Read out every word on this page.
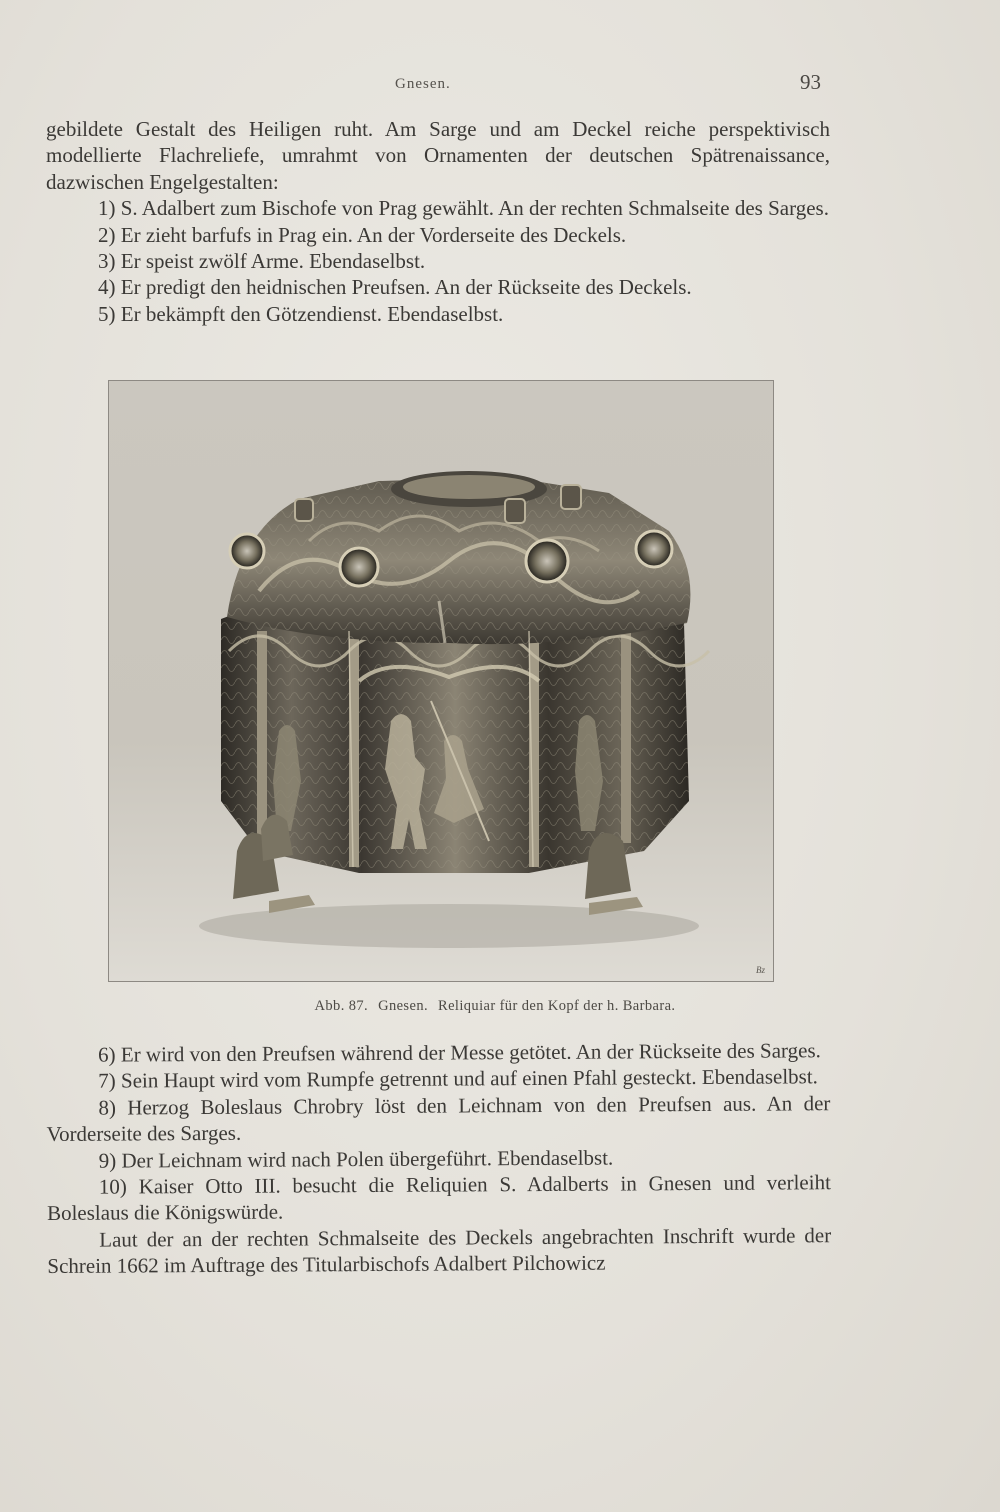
Gnesen.	93

gebildete Gestalt des Heiligen ruht. Am Sarge und am Deckel reiche perspektivisch modellierte Flachreliefe, umrahmt von Ornamenten der deutschen Spätrenaissance, dazwischen Engelgestalten:

1) S. Adalbert zum Bischofe von Prag gewählt. An der rechten Schmalseite des Sarges.

2) Er zieht barfufs in Prag ein. An der Vorderseite des Deckels.

3) Er speist zwölf Arme. Ebendaselbst.

4) Er predigt den heidnischen Preufsen. An der Rückseite des Deckels.

5) Er bekämpft den Götzendienst. Ebendaselbst.

Bz
Abb. 87. Gnesen. Reliquiar für den Kopf der h. Barbara.

6) Er wird von den Preufsen während der Messe getötet. An der Rückseite des Sarges.

7) Sein Haupt wird vom Rumpfe getrennt und auf einen Pfahl gesteckt. Ebendaselbst.

8) Herzog Boleslaus Chrobry löst den Leichnam von den Preufsen aus. An der Vorderseite des Sarges.

9) Der Leichnam wird nach Polen übergeführt. Ebendaselbst.

10) Kaiser Otto III. besucht die Reliquien S. Adalberts in Gnesen und verleiht Boleslaus die Königswürde.

Laut der an der rechten Schmalseite des Deckels angebrachten Inschrift wurde der Schrein 1662 im Auftrage des Titularbischofs Adalbert Pilchowicz
